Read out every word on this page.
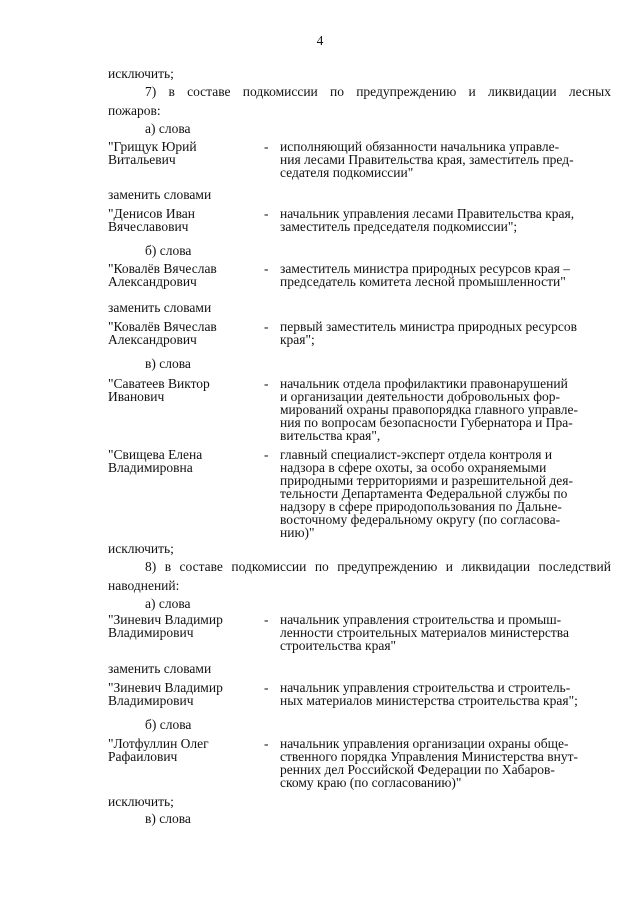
4
исключить;
7) в составе подкомиссии по предупреждению и ликвидации лесных
пожаров:
а) слова
"Грищук Юрий
Витальевич
- исполняющий обязанности начальника управле-
ния лесами Правительства края, заместитель пред-
седателя подкомиссии"
заменить словами
"Денисов Иван
Вячеславович
- начальник управления лесами Правительства края,
заместитель председателя подкомиссии";
б) слова
"Ковалёв Вячеслав
Александрович
- заместитель министра природных ресурсов края –
председатель комитета лесной промышленности"
заменить словами
"Ковалёв Вячеслав
Александрович
- первый заместитель министра природных ресурсов
края";
в) слова
"Саватеев Виктор
Иванович
- начальник отдела профилактики правонарушений
и организации деятельности добровольных фор-
мирований охраны правопорядка главного управле-
ния по вопросам безопасности Губернатора и Пра-
вительства края",
"Свищева Елена
Владимировна
- главный специалист-эксперт отдела контроля и
надзора в сфере охоты, за особо охраняемыми
природными территориями и разрешительной дея-
тельности Департамента Федеральной службы по
надзору в сфере природопользования по Дальне-
восточному федеральному округу (по согласова-
нию)"
исключить;
8) в составе подкомиссии по предупреждению и ликвидации последствий
наводнений:
а) слова
"Зиневич Владимир
Владимирович
- начальник управления строительства и промыш-
ленности строительных материалов министерства
строительства края"
заменить словами
"Зиневич Владимир
Владимирович
- начальник управления строительства и строитель-
ных материалов министерства строительства края";
б) слова
"Лотфуллин Олег
Рафаилович
- начальник управления организации охраны обще-
ственного порядка Управления Министерства внут-
ренних дел Российской Федерации по Хабаров-
скому краю (по согласованию)"
исключить;
в) слова
